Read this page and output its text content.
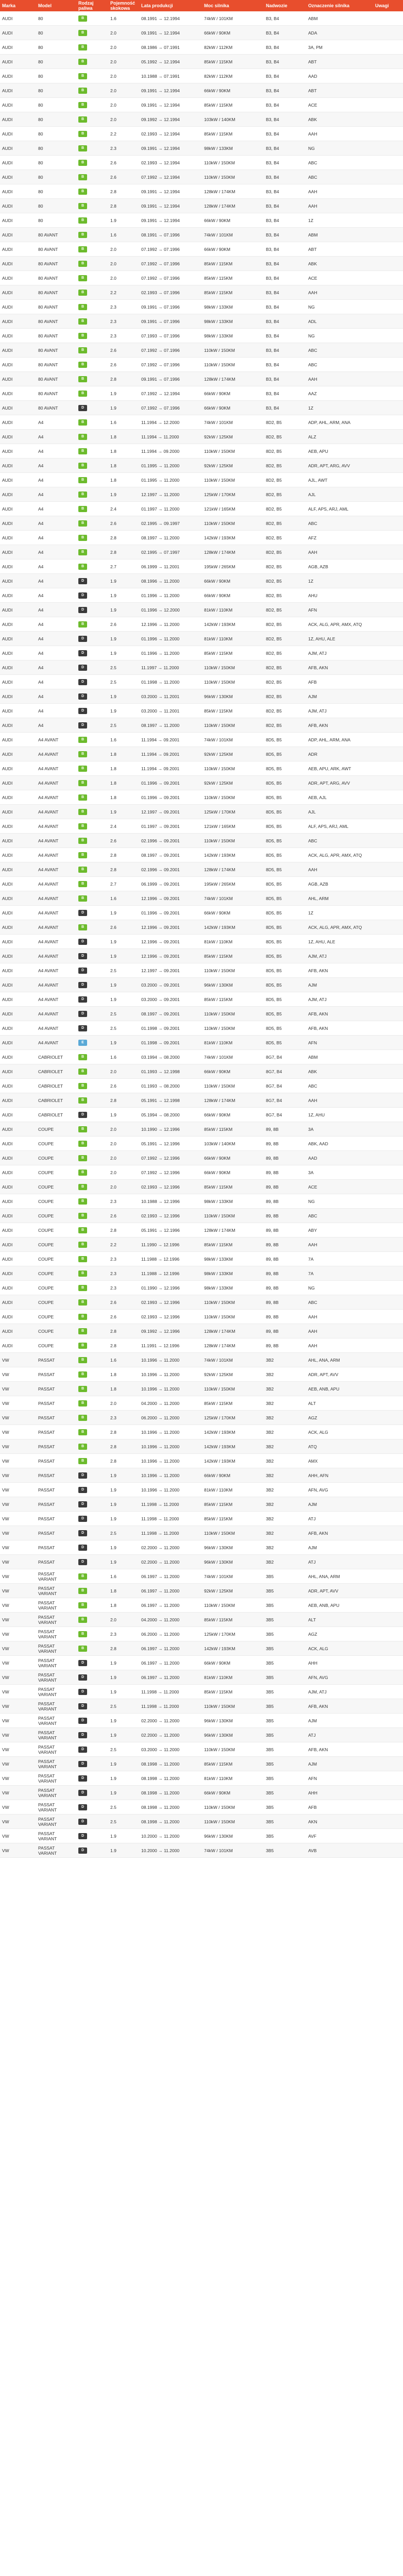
Marka	Model	Rodzaj paliwa	Pojemność skokowa	Lata produkcji	Moc silnika	Nadwozie	Oznaczenie silnika	Uwagi
AUDI	80	B	1.6	08.1991 → 12.1994	74kW / 101KM	B3, B4	ABM	
AUDI	80	B	2.0	09.1991 → 12.1994	66kW / 90KM	B3, B4	ADA	
AUDI	80	B	2.0	08.1986 → 07.1991	82kW / 112KM	B3, B4	3A, PM	
AUDI	80	B	2.0	05.1992 → 12.1994	85kW / 115KM	B3, B4	ABT	
AUDI	80	B	2.0	10.1988 → 07.1991	82kW / 112KM	B3, B4	AAD	
AUDI	80	B	2.0	09.1991 → 12.1994	66kW / 90KM	B3, B4	ABT	
AUDI	80	B	2.0	09.1991 → 12.1994	85kW / 115KM	B3, B4	ACE	
AUDI	80	B	2.0	09.1992 → 12.1994	103kW / 140KM	B3, B4	ABK	
AUDI	80	B	2.2	02.1993 → 12.1994	85kW / 115KM	B3, B4	AAH	
AUDI	80	B	2.3	09.1991 → 12.1994	98kW / 133KM	B3, B4	NG	
AUDI	80	B	2.6	02.1993 → 12.1994	110kW / 150KM	B3, B4	ABC	
AUDI	80	B	2.6	07.1992 → 12.1994	110kW / 150KM	B3, B4	ABC	
AUDI	80	B	2.8	09.1991 → 12.1994	128kW / 174KM	B3, B4	AAH	
AUDI	80	B	2.8	09.1991 → 12.1994	128kW / 174KM	B3, B4	AAH	
AUDI	80	B	1.9	09.1991 → 12.1994	66kW / 90KM	B3, B4	1Z	
AUDI	80 AVANT	B	1.6	08.1991 → 07.1996	74kW / 101KM	B3, B4	ABM	
AUDI	80 AVANT	B	2.0	07.1992 → 07.1996	66kW / 90KM	B3, B4	ABT	
AUDI	80 AVANT	B	2.0	07.1992 → 07.1996	85kW / 115KM	B3, B4	ABK	
AUDI	80 AVANT	B	2.0	07.1992 → 07.1996	85kW / 115KM	B3, B4	ACE	
AUDI	80 AVANT	B	2.2	02.1993 → 07.1996	85kW / 115KM	B3, B4	AAH	
AUDI	80 AVANT	B	2.3	09.1991 → 07.1996	98kW / 133KM	B3, B4	NG	
AUDI	80 AVANT	B	2.3	09.1991 → 07.1996	98kW / 133KM	B3, B4	ADL	
AUDI	80 AVANT	B	2.3	07.1993 → 07.1996	98kW / 133KM	B3, B4	NG	
AUDI	80 AVANT	B	2.6	07.1992 → 07.1996	110kW / 150KM	B3, B4	ABC	
AUDI	80 AVANT	B	2.6	07.1992 → 07.1996	110kW / 150KM	B3, B4	ABC	
AUDI	80 AVANT	B	2.8	09.1991 → 07.1996	128kW / 174KM	B3, B4	AAH	
AUDI	80 AVANT	B	1.9	07.1992 → 12.1994	66kW / 90KM	B3, B4	AAZ	
AUDI	80 AVANT	D	1.9	07.1992 → 07.1996	66kW / 90KM	B3, B4	1Z	
AUDI	A4	B	1.6	11.1994 → 12.2000	74kW / 101KM	8D2, B5	ADP, AHL, ARM, ANA	
AUDI	A4	B	1.8	11.1994 → 11.2000	92kW / 125KM	8D2, B5	ALZ	
AUDI	A4	B	1.8	11.1994 → 09.2000	110kW / 150KM	8D2, B5	AEB, APU	
AUDI	A4	B	1.8	01.1995 → 11.2000	92kW / 125KM	8D2, B5	ADR, APT, ARG, AVV	
AUDI	A4	B	1.8	01.1995 → 11.2000	110kW / 150KM	8D2, B5	AJL, AWT	
AUDI	A4	B	1.9	12.1997 → 11.2000	125kW / 170KM	8D2, B5	AJL	
AUDI	A4	B	2.4	01.1997 → 11.2000	121kW / 165KM	8D2, B5	ALF, APS, ARJ, AML	
AUDI	A4	B	2.6	02.1995 → 09.1997	110kW / 150KM	8D2, B5	ABC	
AUDI	A4	B	2.8	08.1997 → 11.2000	142kW / 193KM	8D2, B5	AFZ	
AUDI	A4	B	2.8	02.1995 → 07.1997	128kW / 174KM	8D2, B5	AAH	
AUDI	A4	B	2.7	06.1999 → 11.2001	195kW / 265KM	8D2, B5	AGB, AZB	
AUDI	A4	D	1.9	08.1996 → 11.2000	66kW / 90KM	8D2, B5	1Z	
AUDI	A4	D	1.9	01.1996 → 11.2000	66kW / 90KM	8D2, B5	AHU	
AUDI	A4	D	1.9	01.1996 → 12.2000	81kW / 110KM	8D2, B5	AFN	
AUDI	A4	B	2.6	12.1996 → 11.2000	142kW / 193KM	8D2, B5	ACK, ALG, APR, AMX, ATQ	
AUDI	A4	D	1.9	01.1996 → 11.2000	81kW / 110KM	8D2, B5	1Z, AHU, ALE	
AUDI	A4	D	1.9	01.1996 → 11.2000	85kW / 115KM	8D2, B5	AJM, ATJ	
AUDI	A4	D	2.5	11.1997 → 11.2000	110kW / 150KM	8D2, B5	AFB, AKN	
AUDI	A4	D	2.5	01.1998 → 11.2000	110kW / 150KM	8D2, B5	AFB	
AUDI	A4	D	1.9	03.2000 → 11.2001	96kW / 130KM	8D2, B5	AJM	
AUDI	A4	D	1.9	03.2000 → 11.2001	85kW / 115KM	8D2, B5	AJM, ATJ	
AUDI	A4	D	2.5	08.1997 → 11.2000	110kW / 150KM	8D2, B5	AFB, AKN	
AUDI	A4 AVANT	B	1.6	11.1994 → 09.2001	74kW / 101KM	8D5, B5	ADP, AHL, ARM, ANA	
AUDI	A4 AVANT	B	1.8	11.1994 → 09.2001	92kW / 125KM	8D5, B5	ADR	
AUDI	A4 AVANT	B	1.8	11.1994 → 09.2001	110kW / 150KM	8D5, B5	AEB, APU, ARK, AWT	
AUDI	A4 AVANT	B	1.8	01.1996 → 09.2001	92kW / 125KM	8D5, B5	ADR, APT, ARG, AVV	
AUDI	A4 AVANT	B	1.8	01.1996 → 09.2001	110kW / 150KM	8D5, B5	AEB, AJL	
AUDI	A4 AVANT	B	1.9	12.1997 → 09.2001	125kW / 170KM	8D5, B5	AJL	
AUDI	A4 AVANT	B	2.4	01.1997 → 09.2001	121kW / 165KM	8D5, B5	ALF, APS, ARJ, AML	
AUDI	A4 AVANT	B	2.6	02.1996 → 09.2001	110kW / 150KM	8D5, B5	ABC	
AUDI	A4 AVANT	B	2.8	08.1997 → 09.2001	142kW / 193KM	8D5, B5	ACK, ALG, APR, AMX, ATQ	
AUDI	A4 AVANT	B	2.8	02.1996 → 09.2001	128kW / 174KM	8D5, B5	AAH	
AUDI	A4 AVANT	B	2.7	06.1999 → 09.2001	195kW / 265KM	8D5, B5	AGB, AZB	
AUDI	A4 AVANT	B	1.6	12.1996 → 09.2001	74kW / 101KM	8D5, B5	AHL, ARM	
AUDI	A4 AVANT	D	1.9	01.1996 → 09.2001	66kW / 90KM	8D5, B5	1Z	
AUDI	A4 AVANT	B	2.6	12.1996 → 09.2001	142kW / 193KM	8D5, B5	ACK, ALG, APR, AMX, ATQ	
AUDI	A4 AVANT	D	1.9	12.1996 → 09.2001	81kW / 110KM	8D5, B5	1Z, AHU, ALE	
AUDI	A4 AVANT	D	1.9	12.1996 → 09.2001	85kW / 115KM	8D5, B5	AJM, ATJ	
AUDI	A4 AVANT	D	2.5	12.1997 → 09.2001	110kW / 150KM	8D5, B5	AFB, AKN	
AUDI	A4 AVANT	D	1.9	03.2000 → 09.2001	96kW / 130KM	8D5, B5	AJM	
AUDI	A4 AVANT	D	1.9	03.2000 → 09.2001	85kW / 115KM	8D5, B5	AJM, ATJ	
AUDI	A4 AVANT	D	2.5	08.1997 → 09.2001	110kW / 150KM	8D5, B5	AFB, AKN	
AUDI	A4 AVANT	D	2.5	01.1998 → 09.2001	110kW / 150KM	8D5, B5	AFB, AKN	
AUDI	A4 AVANT	E	1.9	01.1998 → 09.2001	81kW / 110KM	8D5, B5	AFN	
AUDI	CABRIOLET	B	1.6	03.1994 → 08.2000	74kW / 101KM	8G7, B4	ABM	
AUDI	CABRIOLET	B	2.0	01.1993 → 12.1998	66kW / 90KM	8G7, B4	ABK	
AUDI	CABRIOLET	B	2.6	01.1993 → 08.2000	110kW / 150KM	8G7, B4	ABC	
AUDI	CABRIOLET	B	2.8	05.1991 → 12.1998	128kW / 174KM	8G7, B4	AAH	
AUDI	CABRIOLET	D	1.9	05.1994 → 08.2000	66kW / 90KM	8G7, B4	1Z, AHU	
AUDI	COUPE	B	2.0	10.1990 → 12.1996	85kW / 115KM	89, 8B	3A	
AUDI	COUPE	B	2.0	05.1991 → 12.1996	103kW / 140KM	89, 8B	ABK, AAD	
AUDI	COUPE	B	2.0	07.1992 → 12.1996	66kW / 90KM	89, 8B	AAD	
AUDI	COUPE	B	2.0	07.1992 → 12.1996	66kW / 90KM	89, 8B	3A	
AUDI	COUPE	B	2.0	02.1993 → 12.1996	85kW / 115KM	89, 8B	ACE	
AUDI	COUPE	B	2.3	10.1988 → 12.1996	98kW / 133KM	89, 8B	NG	
AUDI	COUPE	B	2.6	02.1993 → 12.1996	110kW / 150KM	89, 8B	ABC	
AUDI	COUPE	B	2.8	05.1991 → 12.1996	128kW / 174KM	89, 8B	ABY	
AUDI	COUPE	B	2.2	11.1990 → 12.1996	85kW / 115KM	89, 8B	AAH	
AUDI	COUPE	B	2.3	11.1988 → 12.1996	98kW / 133KM	89, 8B	7A	
AUDI	COUPE	B	2.3	11.1988 → 12.1996	98kW / 133KM	89, 8B	7A	
AUDI	COUPE	B	2.3	01.1990 → 12.1996	98kW / 133KM	89, 8B	NG	
AUDI	COUPE	B	2.6	02.1993 → 12.1996	110kW / 150KM	89, 8B	ABC	
AUDI	COUPE	B	2.6	02.1993 → 12.1996	110kW / 150KM	89, 8B	AAH	
AUDI	COUPE	B	2.8	09.1992 → 12.1996	128kW / 174KM	89, 8B	AAH	
AUDI	COUPE	B	2.8	11.1991 → 12.1996	128kW / 174KM	89, 8B	AAH	
VW	PASSAT	B	1.6	10.1996 → 11.2000	74kW / 101KM	3B2	AHL, ANA, ARM	
VW	PASSAT	B	1.8	10.1996 → 11.2000	92kW / 125KM	3B2	ADR, APT, AVV	
VW	PASSAT	B	1.8	10.1996 → 11.2000	110kW / 150KM	3B2	AEB, ANB, APU	
VW	PASSAT	B	2.0	04.2000 → 11.2000	85kW / 115KM	3B2	ALT	
VW	PASSAT	B	2.3	06.2000 → 11.2000	125kW / 170KM	3B2	AGZ	
VW	PASSAT	B	2.8	10.1996 → 11.2000	142kW / 193KM	3B2	ACK, ALG	
VW	PASSAT	B	2.8	10.1996 → 11.2000	142kW / 193KM	3B2	ATQ	
VW	PASSAT	B	2.8	10.1996 → 11.2000	142kW / 193KM	3B2	AMX	
VW	PASSAT	D	1.9	10.1996 → 11.2000	66kW / 90KM	3B2	AHH, AFN	
VW	PASSAT	D	1.9	10.1996 → 11.2000	81kW / 110KM	3B2	AFN, AVG	
VW	PASSAT	D	1.9	11.1998 → 11.2000	85kW / 115KM	3B2	AJM	
VW	PASSAT	D	1.9	11.1998 → 11.2000	85kW / 115KM	3B2	ATJ	
VW	PASSAT	D	2.5	11.1998 → 11.2000	110kW / 150KM	3B2	AFB, AKN	
VW	PASSAT	D	1.9	02.2000 → 11.2000	96kW / 130KM	3B2	AJM	
VW	PASSAT	D	1.9	02.2000 → 11.2000	96kW / 130KM	3B2	ATJ	
VW	PASSAT VARIANT	B	1.6	06.1997 → 11.2000	74kW / 101KM	3B5	AHL, ANA, ARM	
VW	PASSAT VARIANT	B	1.8	06.1997 → 11.2000	92kW / 125KM	3B5	ADR, APT, AVV	
VW	PASSAT VARIANT	B	1.8	06.1997 → 11.2000	110kW / 150KM	3B5	AEB, ANB, APU	
VW	PASSAT VARIANT	B	2.0	04.2000 → 11.2000	85kW / 115KM	3B5	ALT	
VW	PASSAT VARIANT	B	2.3	06.2000 → 11.2000	125kW / 170KM	3B5	AGZ	
VW	PASSAT VARIANT	B	2.8	06.1997 → 11.2000	142kW / 193KM	3B5	ACK, ALG	
VW	PASSAT VARIANT	D	1.9	06.1997 → 11.2000	66kW / 90KM	3B5	AHH	
VW	PASSAT VARIANT	D	1.9	06.1997 → 11.2000	81kW / 110KM	3B5	AFN, AVG	
VW	PASSAT VARIANT	D	1.9	11.1998 → 11.2000	85kW / 115KM	3B5	AJM, ATJ	
VW	PASSAT VARIANT	D	2.5	11.1998 → 11.2000	110kW / 150KM	3B5	AFB, AKN	
VW	PASSAT VARIANT	D	1.9	02.2000 → 11.2000	96kW / 130KM	3B5	AJM	
VW	PASSAT VARIANT	D	1.9	02.2000 → 11.2000	96kW / 130KM	3B5	ATJ	
VW	PASSAT VARIANT	D	2.5	03.2000 → 11.2000	110kW / 150KM	3B5	AFB, AKN	
VW	PASSAT VARIANT	D	1.9	08.1998 → 11.2000	85kW / 115KM	3B5	AJM	
VW	PASSAT VARIANT	D	1.9	08.1998 → 11.2000	81kW / 110KM	3B5	AFN	
VW	PASSAT VARIANT	D	1.9	08.1998 → 11.2000	66kW / 90KM	3B5	AHH	
VW	PASSAT VARIANT	D	2.5	08.1998 → 11.2000	110kW / 150KM	3B5	AFB	
VW	PASSAT VARIANT	D	2.5	08.1998 → 11.2000	110kW / 150KM	3B5	AKN	
VW	PASSAT VARIANT	D	1.9	10.2000 → 11.2000	96kW / 130KM	3B5	AVF	
VW	PASSAT VARIANT	D	1.9	10.2000 → 11.2000	74kW / 101KM	3B5	AVB	
